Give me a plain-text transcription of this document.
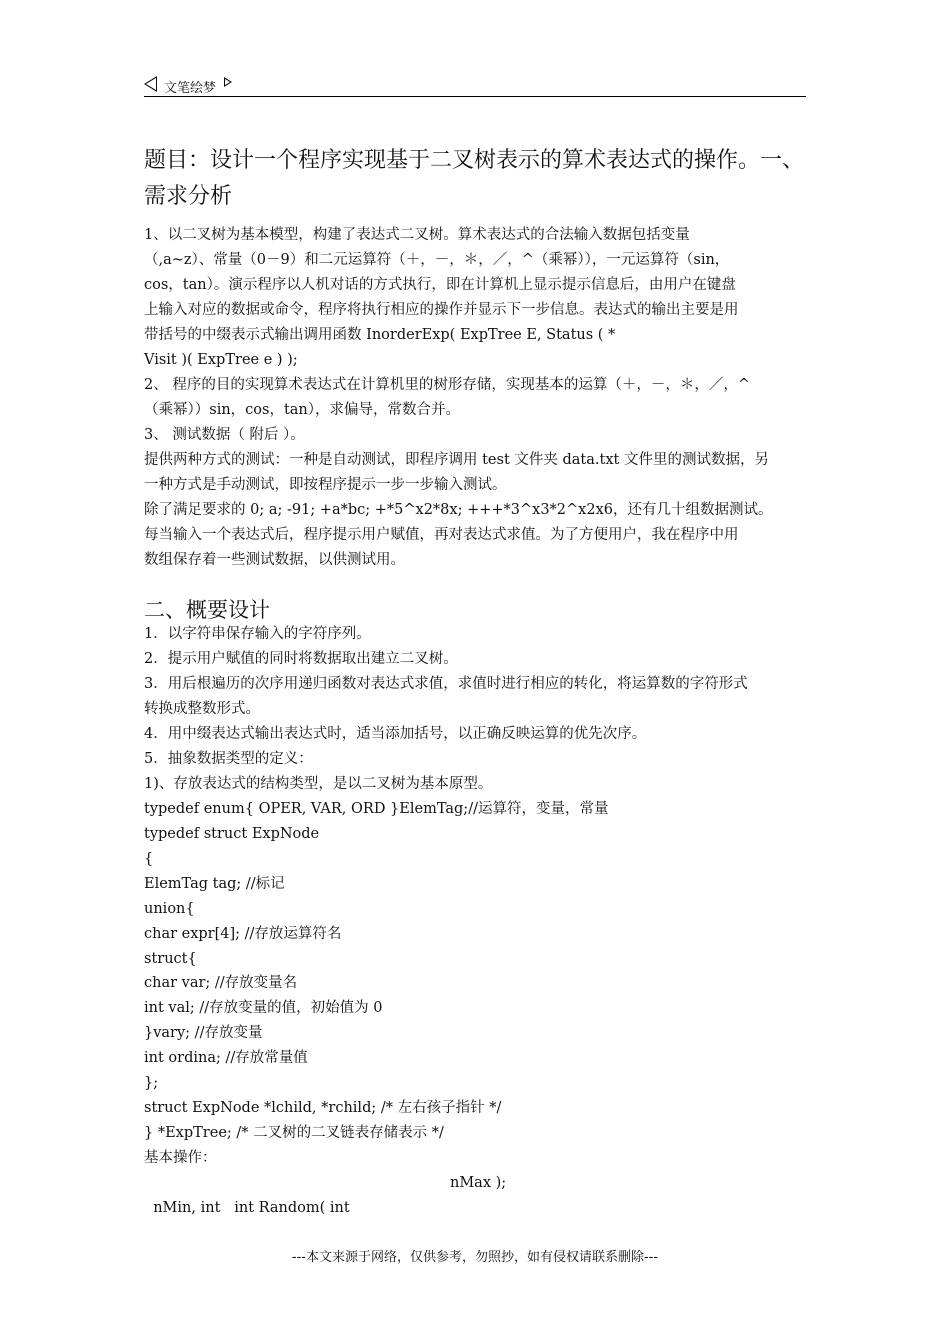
文笔绘梦
题目：设计一个程序实现基于二叉树表示的算术表达式的操作。一、
需求分析
1、以二叉树为基本模型，构建了表达式二叉树。算术表达式的合法输入数据包括变量
（,a~z）、常量（0－9）和二元运算符（＋，－，＊，／，^（乘幂）），一元运算符（sin，
cos，tan）。演示程序以人机对话的方式执行，即在计算机上显示提示信息后，由用户在键盘
上输入对应的数据或命令，程序将执行相应的操作并显示下一步信息。表达式的输出主要是用
带括号的中缀表示式输出调用函数 InorderExp( ExpTree E, Status ( *
Visit )( ExpTree e ) );
2、 程序的目的实现算术表达式在计算机里的树形存储，实现基本的运算（＋，－，＊，／，^
（乘幂））sin，cos，tan），求偏导，常数合并。
3、 测试数据（ 附后 ）。
提供两种方式的测试：一种是自动测试，即程序调用 test 文件夹 data.txt 文件里的测试数据，另
一种方式是手动测试，即按程序提示一步一步输入测试。
除了满足要求的 0; a; -91; +a*bc; +*5^x2*8x; +++*3^x3*2^x2x6，还有几十组数据测试。
每当输入一个表达式后，程序提示用户赋值，再对表达式求值。为了方便用户，我在程序中用
数组保存着一些测试数据，以供测试用。
二、概要设计
1．以字符串保存输入的字符序列。
2．提示用户赋值的同时将数据取出建立二叉树。
3．用后根遍历的次序用递归函数对表达式求值，求值时进行相应的转化，将运算数的字符形式
转换成整数形式。
4．用中缀表达式输出表达式时，适当添加括号，以正确反映运算的优先次序。
5．抽象数据类型的定义：
1)、存放表达式的结构类型，是以二叉树为基本原型。
typedef enum{ OPER, VAR, ORD }ElemTag;//运算符，变量，常量
typedef struct ExpNode
{
ElemTag tag; //标记
union{
char expr[4]; //存放运算符名
struct{
char var; //存放变量名
int val; //存放变量的值，初始值为 0
}vary; //存放变量
int ordina; //存放常量值
};
struct ExpNode *lchild, *rchild; /* 左右孩子指针 */
} *ExpTree; /* 二叉树的二叉链表存储表示 */
基本操作：
nMax );
nMin, int   int Random( int
---本文来源于网络，仅供参考，勿照抄，如有侵权请联系删除---
